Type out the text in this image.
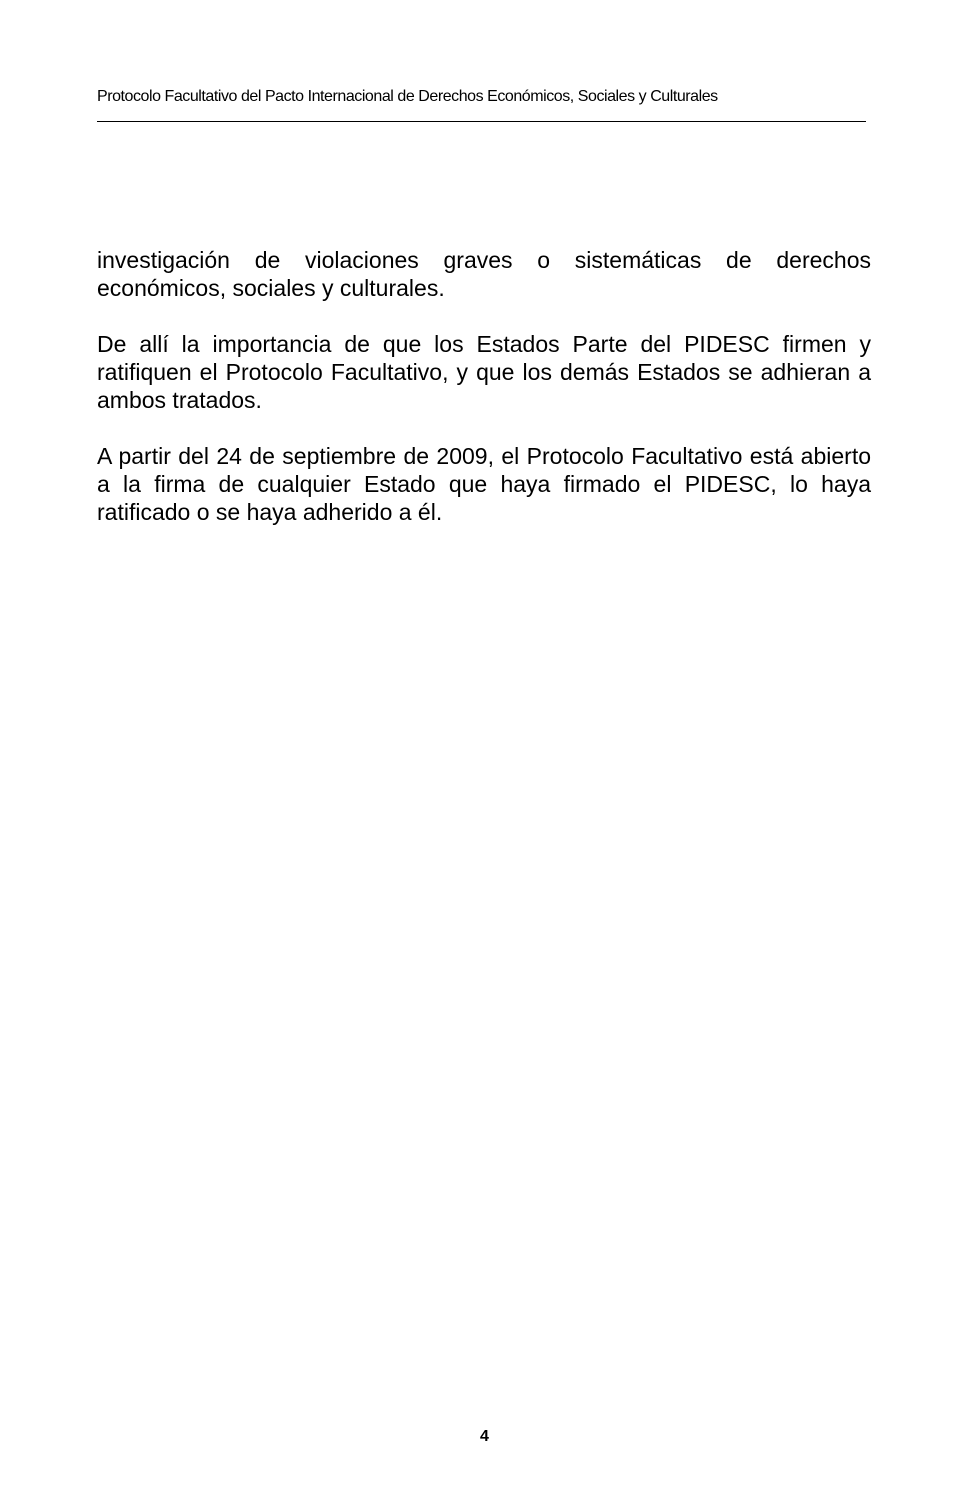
Protocolo Facultativo del Pacto Internacional de Derechos Económicos, Sociales y Culturales

investigación de violaciones graves o sistemáticas de derechos económicos, sociales y culturales.

De allí la importancia de que los Estados Parte del PIDESC firmen y ratifiquen el Protocolo Facultativo, y que los demás Estados se adhieran a ambos tratados.

A partir del 24 de septiembre de 2009, el Protocolo Facultativo está abierto a la firma de cualquier Estado que haya firmado el PIDESC, lo haya ratificado o se haya adherido a él.

4
